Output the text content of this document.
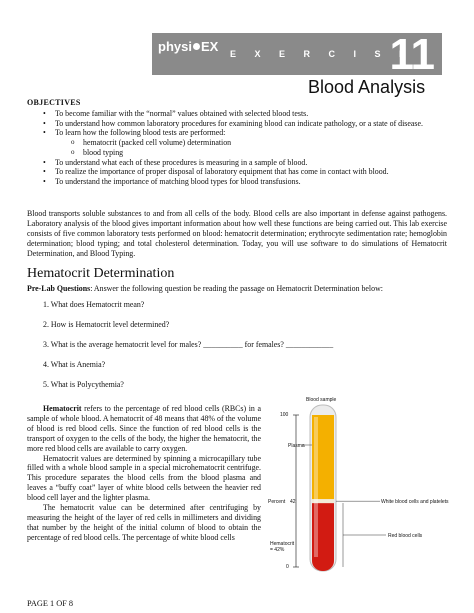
physi EX E X E R C I S E
11
Blood Analysis
OBJECTIVES
• To become familiar with the “normal” values obtained with selected blood tests.
• To understand how common laboratory procedures for examining blood can indicate pathology, or a state of disease.
• To learn how the following blood tests are performed:
o hematocrit (packed cell volume) determination
o blood typing
• To understand what each of these procedures is measuring in a sample of blood.
• To realize the importance of proper disposal of laboratory equipment that has come in contact with blood.
• To understand the importance of matching blood types for blood transfusions.
Blood transports soluble substances to and from all cells of the body. Blood cells are also important in defense against pathogens. Laboratory analysis of the blood gives important information about how well these functions are being carried out. This lab exercise consists of five common laboratory tests performed on blood: hematocrit determination; erythrocyte sedimentation rate; hemoglobin determination; blood typing; and total cholesterol determination. Today, you will use software to do simulations of Hematocrit Determination, and Blood Typing.
Hematocrit Determination
Pre-Lab Questions: Answer the following question be reading the passage on Hematocrit Determination below:
1. What does Hematocrit mean?
2. How is Hematocrit level determined?
3. What is the average hematocrit level for males? __________ for females? ____________
4. What is Anemia?
5. What is Polycythemia?

Hematocrit refers to the percentage of red blood cells (RBCs) in a sample of whole blood. A hematocrit of 48 means that 48% of the volume of blood is red blood cells. Since the function of red blood cells is the transport of oxygen to the cells of the body, the higher the hematocrit, the more red blood cells are available to carry oxygen.

Hematocrit values are determined by spinning a microcapillary tube filled with a whole blood sample in a special microhematocrit centrifuge. This procedure separates the blood cells from the blood plasma and leaves a “buffy coat” layer of white blood cells between the heavier red blood cell layer and the lighter plasma.

The hematocrit value can be determined after centrifuging by measuring the height of the layer of red cells in millimeters and dividing that number by the height of the initial column of blood to obtain the percentage of red blood cells. The percentage of white blood cells

Blood sample
100
0
Plasma
White blood cells and platelets
Percent 42
Red blood cells
Hematocrit
= 42%
PAGE 1 OF 8
